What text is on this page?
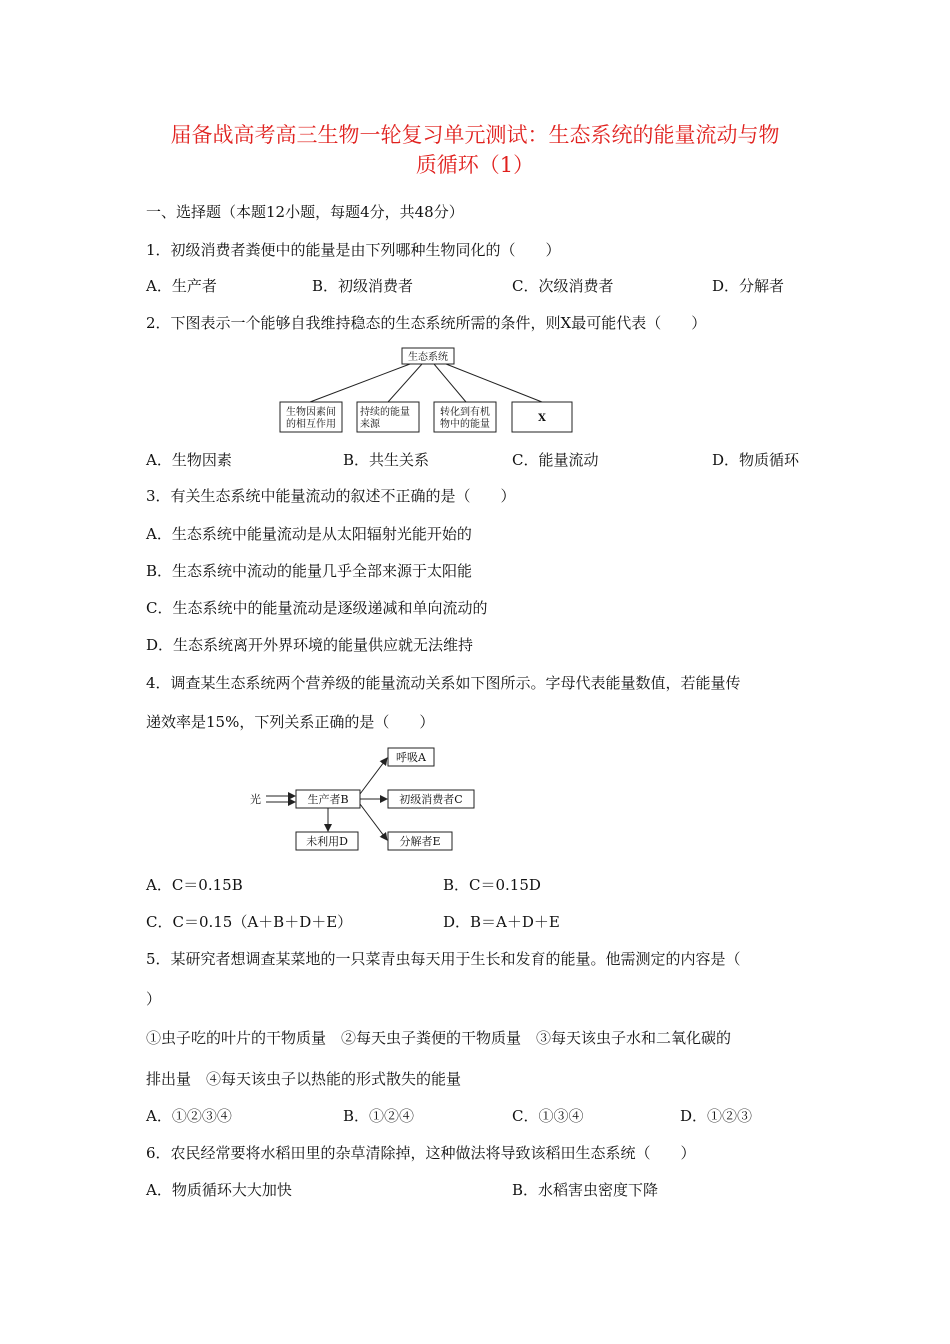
届备战高考高三生物一轮复习单元测试：生态系统的能量流动与物
质循环（1）
一、选择题（本题12小题，每题4分，共48分）
1．初级消费者粪便中的能量是由下列哪种生物同化的（　　）
A．生产者	B．初级消费者	C．次级消费者	D．分解者
2．下图表示一个能够自我维持稳态的生态系统所需的条件，则X最可能代表（　　）
生态系统
生物因素间
的相互作用
持续的能量
来源
转化到有机
物中的能量
X
A．生物因素	B．共生关系	C．能量流动	D．物质循环
3．有关生态系统中能量流动的叙述不正确的是（　　）
A．生态系统中能量流动是从太阳辐射光能开始的
B．生态系统中流动的能量几乎全部来源于太阳能
C．生态系统中的能量流动是逐级递减和单向流动的
D．生态系统离开外界环境的能量供应就无法维持
4．调查某生态系统两个营养级的能量流动关系如下图所示。字母代表能量数值，若能量传
递效率是15%，下列关系正确的是（　　）
光	生产者B
呼吸A
初级消费者C
未利用D	分解者E
A．C＝0.15B	B．C＝0.15D
C．C＝0.15（A＋B＋D＋E）	D．B＝A＋D＋E
5．某研究者想调查某菜地的一只菜青虫每天用于生长和发育的能量。他需测定的内容是（
）
①虫子吃的叶片的干物质量　②每天虫子粪便的干物质量　③每天该虫子水和二氧化碳的
排出量　④每天该虫子以热能的形式散失的能量
A．①②③④	B．①②④	C．①③④	D．①②③
6．农民经常要将水稻田里的杂草清除掉，这种做法将导致该稻田生态系统（　　）
A．物质循环大大加快	B．水稻害虫密度下降
